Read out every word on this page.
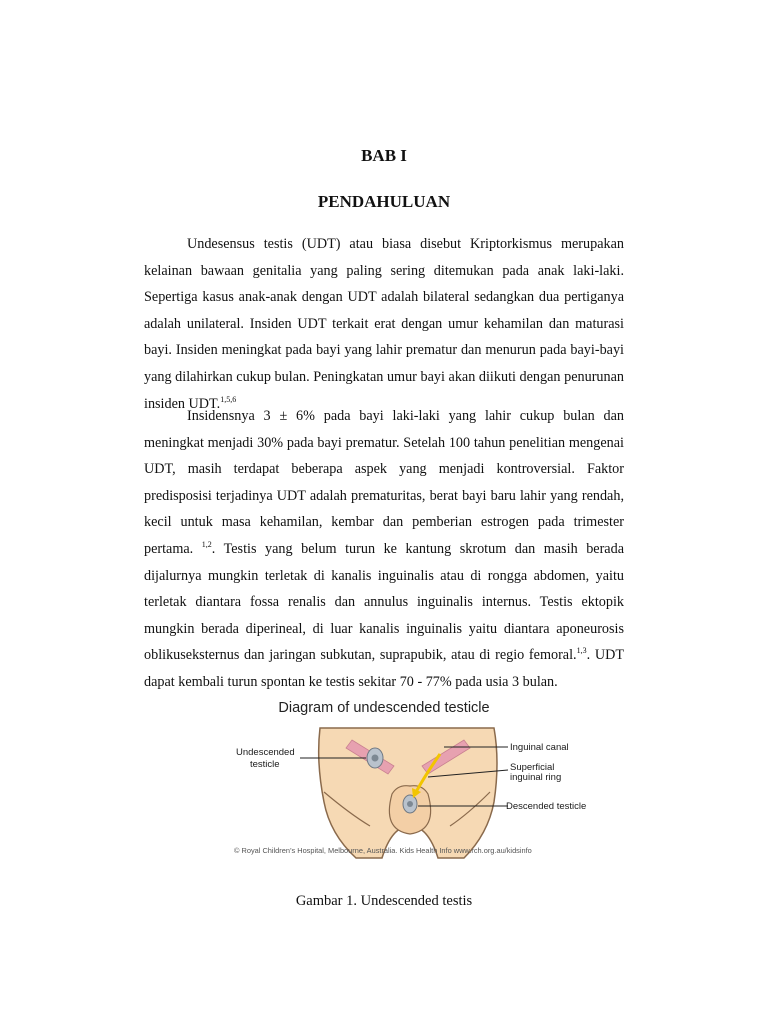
BAB I
PENDAHULUAN

Undesensus testis (UDT) atau biasa disebut Kriptorkismus merupakan kelainan bawaan genitalia yang paling sering ditemukan pada anak laki-laki. Sepertiga kasus anak-anak dengan UDT adalah bilateral sedangkan dua pertiganya adalah unilateral. Insiden UDT terkait erat dengan umur kehamilan dan maturasi bayi. Insiden meningkat pada bayi yang lahir prematur dan menurun pada bayi-bayi yang dilahirkan cukup bulan. Peningkatan umur bayi akan diikuti dengan penurunan insiden UDT.$^{1,5,6}$

Insidensnya 3 ± 6% pada bayi laki-laki yang lahir cukup bulan dan meningkat menjadi 30% pada bayi prematur. Setelah 100 tahun penelitian mengenai UDT, masih terdapat beberapa aspek yang menjadi kontroversial. Faktor predisposisi terjadinya UDT adalah prematuritas, berat bayi baru lahir yang rendah, kecil untuk masa kehamilan, kembar dan pemberian estrogen pada trimester pertama. $^{1,2}$. Testis yang belum turun ke kantung skrotum dan masih berada dijalurnya mungkin terletak di kanalis inguinalis atau di rongga abdomen, yaitu terletak diantara fossa renalis dan annulus inguinalis internus. Testis ektopik mungkin berada diperineal, di luar kanalis inguinalis yaitu diantara aponeurosis oblikuseksternus dan jaringan subkutan, suprapubik, atau di regio femoral.$^{1,3}$. UDT dapat kembali turun spontan ke testis sekitar 70 - 77% pada usia 3 bulan.

Diagram of undescended testicle
Undescended
testicle
Inguinal canal
Superficial
inguinal ring
Descended testicle
© Royal Children’s Hospital, Melbourne, Australia. Kids Health Info www.rch.org.au/kidsinfo
Gambar 1. Undescended testis
